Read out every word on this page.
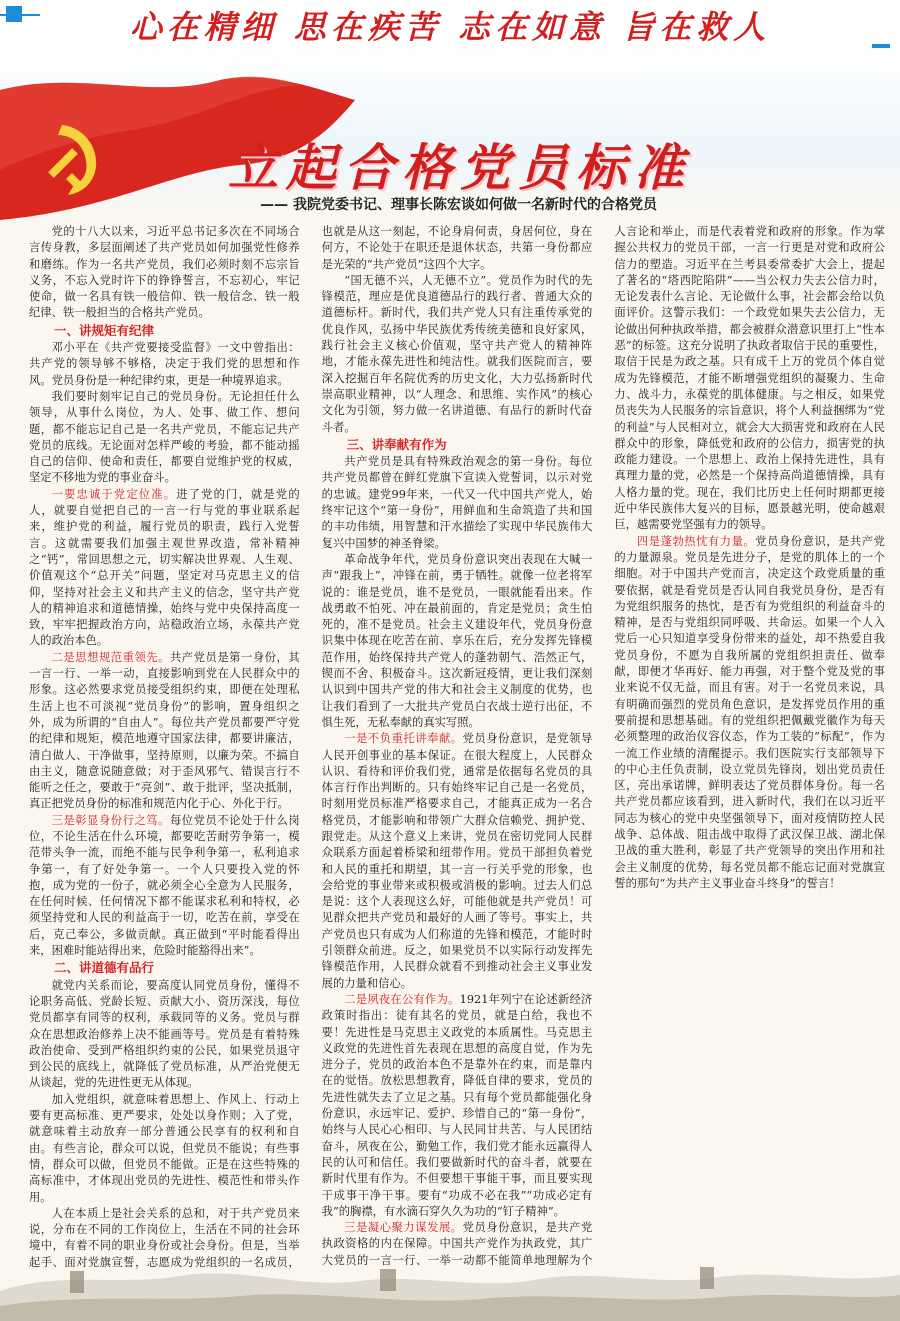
心在精细 思在疾苦 志在如意 旨在救人
立起合格党员标准
—— 我院党委书记、理事长陈宏谈如何做一名新时代的合格党员

党的十八大以来，习近平总书记多次在不同场合言传身教，多层面阐述了共产党员如何加强党性修养和磨练。作为一名共产党员，我们必须时刻不忘宗旨义务，不忘入党时许下的铮铮誓言，不忘初心，牢记使命，做一名具有铁一般信仰、铁一般信念、铁一般纪律、铁一般担当的合格共产党员。

一、讲规矩有纪律

邓小平在《共产党要接受监督》一文中曾指出：共产党的领导够不够格，决定于我们党的思想和作风。党员身份是一种纪律约束，更是一种境界追求。

我们要时刻牢记自己的党员身份。无论担任什么领导，从事什么岗位，为人、处事、做工作、想问题，都不能忘记自己是一名共产党员，不能忘记共产党员的底线。无论面对怎样严峻的考验，都不能动摇自己的信仰、使命和责任，都要自觉维护党的权威，坚定不移地为党的事业奋斗。

一要忠诚于党定位准。进了党的门，就是党的人，就要自觉把自己的一言一行与党的事业联系起来，维护党的利益，履行党员的职责，践行入党誓言。这就需要我们加强主观世界改造，常补精神之“钙”，常回思想之元，切实解决世界观、人生观、价值观这个“总开关”问题，坚定对马克思主义的信仰，坚持对社会主义和共产主义的信念，坚守共产党人的精神追求和道德情操，始终与党中央保持高度一致，牢牢把握政治方向，站稳政治立场，永葆共产党人的政治本色。

二是思想规范重领先。共产党员是第一身份，其一言一行、一举一动，直接影响到党在人民群众中的形象。这必然要求党员接受组织约束，即便在处理私生活上也不可淡视“党员身份”的影响，置身组织之外，成为所谓的“自由人”。每位共产党员都要严守党的纪律和规矩，模范地遵守国家法律，都要讲廉洁，清白做人、干净做事，坚持原则，以廉为荣。不搞自由主义，随意说随意做；对于歪风邪气、错误言行不能听之任之，要敢于“亮剑”、敢于批评，坚决抵制，真正把党员身份的标准和规范内化于心、外化于行。

三是彰显身份行之笃。每位党员不论处于什么岗位，不论生活在什么环境，都要吃苦耐劳争第一，模范带头争一流，而绝不能与民争利争第一，私利追求争第一，有了好处争第一。一个人只要投入党的怀抱，成为党的一份子，就必须全心全意为人民服务，在任何时候、任何情况下都不能谋求私利和特权，必须坚持党和人民的利益高于一切，吃苦在前，享受在后，克己奉公，多做贡献。真正做到“平时能看得出来，困难时能站得出来，危险时能豁得出来”。

二、讲道德有品行

就党内关系而论，要高度认同党员身份，懂得不论职务高低、党龄长短、贡献大小、资历深浅，每位党员都享有同等的权利，承载同等的义务。党员与群众在思想政治修养上决不能画等号。党员是有着特殊政治使命、受到严格组织约束的公民，如果党员退守到公民的底线上，就降低了党员标准，从严治党便无从谈起，党的先进性更无从体现。

加入党组织，就意味着思想上、作风上、行动上要有更高标准、更严要求，处处以身作则；入了党，就意味着主动放弃一部分普通公民享有的权利和自由。有些言论，群众可以说，但党员不能说；有些事情，群众可以做，但党员不能做。正是在这些特殊的高标准中，才体现出党员的先进性、模范性和带头作用。

人在本质上是社会关系的总和，对于共产党员来说，分布在不同的工作岗位上，生活在不同的社会环境中，有着不同的职业身份或社会身份。但是，当举起手、面对党旗宣誓，志愿成为党组织的一名成员，也就是从这一刻起，不论身肩何责，身居何位，身在何方，不论处于在职还是退休状态，共第一身份都应是光荣的“共产党员”这四个大字。

“国无德不兴，人无德不立”。党员作为时代的先锋模范，理应是优良道德品行的践行者、普通大众的道德标杆。新时代，我们共产党人只有注重传承党的优良作风，弘扬中华民族优秀传统美德和良好家风，践行社会主义核心价值观，坚守共产党人的精神阵地，才能永葆先进性和纯洁性。就我们医院而言，要深入挖掘百年名院优秀的历史文化，大力弘扬新时代崇高职业精神，以“人理念、和思维、实作风”的核心文化为引领，努力做一名讲道德、有品行的新时代奋斗者。

三、讲奉献有作为

共产党员是具有特殊政治观念的第一身份。每位共产党员都曾在鲜红党旗下宣读入党誓词，以示对党的忠诚。建党99年来，一代又一代中国共产党人，始终牢记这个“第一身份”，用鲜血和生命筑造了共和国的丰功伟绩，用智慧和汗水描绘了实现中华民族伟大复兴中国梦的神圣脊梁。

革命战争年代，党员身份意识突出表现在大喊一声“跟我上”，冲锋在前，勇于牺牲。就像一位老将军说的：谁是党员，谁不是党员，一眼就能看出来。作战勇敢不怕死、冲在最前面的，肯定是党员；贪生怕死的，准不是党员。社会主义建设年代，党员身份意识集中体现在吃苦在前、享乐在后，充分发挥先锋模范作用，始终保持共产党人的蓬勃朝气、浩然正气，锲而不舍、积极奋斗。这次新冠疫情，更让我们深刻认识到中国共产党的伟大和社会主义制度的优势，也让我们看到了一大批共产党员白衣战士逆行出征，不惧生死，无私奉献的真实写照。

一是不负重托讲奉献。党员身份意识，是党领导人民开创事业的基本保证。在很大程度上，人民群众认识、看待和评价我们党，通常是依据每名党员的具体言行作出判断的。只有始终牢记自己是一名党员，时刻用党员标准严格要求自己，才能真正成为一名合格党员，才能影响和带领广大群众信赖党、拥护党、跟党走。从这个意义上来讲，党员在密切党同人民群众联系方面起着桥梁和纽带作用。党员干部担负着党和人民的重托和期望，其一言一行关乎党的形象，也会给党的事业带来或积极或消极的影响。过去人们总是说：这个人表现这么好，可能他就是共产党员！可见群众把共产党员和最好的人画了等号。事实上，共产党员也只有成为人们称道的先锋和模范，才能时时引领群众前进。反之，如果党员不以实际行动发挥先锋模范作用，人民群众就看不到推动社会主义事业发展的力量和信心。

二是夙夜在公有作为。1921年列宁在论述新经济政策时指出：徒有其名的党员，就是白给，我也不要！先进性是马克思主义政党的本质属性。马克思主义政党的先进性首先表现在思想的高度自觉，作为先进分子，党员的政治本色不是靠外在约束，而是靠内在的觉悟。放松思想教育，降低自律的要求，党员的先进性就失去了立足之基。只有每个党员都能强化身份意识，永远牢记、爱护、珍惜自己的“第一身份”，始终与人民心心相印、与人民同甘共苦、与人民团结奋斗，夙夜在公，勤勉工作，我们党才能永远赢得人民的认可和信任。我们要做新时代的奋斗者，就要在新时代里有作为。不但要想干事能干事，而且要实现干成事干净干事。要有“功成不必在我”“功成必定有我”的胸襟，有水滴石穿久久为功的“钉子精神”。

三是凝心聚力谋发展。党员身份意识，是共产党执政资格的内在保障。中国共产党作为执政党，其广大党员的一言一行、一举一动都不能简单地理解为个人言论和举止，而是代表着党和政府的形象。作为掌握公共权力的党员干部，一言一行更是对党和政府公信力的塑造。习近平在兰考县委常委扩大会上，提起了著名的“塔西陀陷阱”——当公权力失去公信力时，无论发表什么言论、无论做什么事，社会都会给以负面评价。这警示我们：一个政党如果失去公信力，无论做出何种执政举措，都会被群众潜意识里打上“性本恶”的标签。这充分说明了执政者取信于民的重要性，取信于民是为政之基。只有成千上万的党员个体自觉成为先锋模范，才能不断增强党组织的凝聚力、生命力、战斗力，永葆党的肌体健康。与之相反，如果党员丧失为人民服务的宗旨意识，将个人利益捆绑为“党的利益”与人民相对立，就会大大损害党和政府在人民群众中的形象，降低党和政府的公信力，损害党的执政能力建设。一个思想上、政治上保持先进性，具有真理力量的党，必然是一个保持高尚道德情操，具有人格力量的党。现在，我们比历史上任何时期都更接近中华民族伟大复兴的目标，愿景越光明，使命越艰巨，越需要党坚强有力的领导。

四是蓬勃热忱有力量。党员身份意识，是共产党的力量源泉。党员是先进分子，是党的肌体上的一个细胞。对于中国共产党而言，决定这个政党质量的重要依据，就是看党员是否认同自我党员身份，是否有为党组织服务的热忱，是否有为党组织的利益奋斗的精神，是否与党组织同呼吸、共命运。如果一个人入党后一心只知道享受身份带来的益处，却不热爱自我党员身份，不愿为自我所属的党组织担责任、做奉献，即便才华再好、能力再强，对于整个党及党的事业来说不仅无益，而且有害。对于一名党员来说，具有明确而强烈的党员角色意识，是发挥党员作用的重要前提和思想基础。有的党组织把佩戴党徽作为每天必须整理的政治仪容仪态，作为工装的“标配”，作为一流工作业绩的清醒提示。我们医院实行支部领导下的中心主任负责制，设立党员先锋岗，划出党员责任区，亮出承诺牌，鲜明表达了党员群体身份。每一名共产党员都应该看到，进入新时代，我们在以习近平同志为核心的党中央坚强领导下，面对疫情防控人民战争、总体战、阻击战中取得了武汉保卫战、湖北保卫战的重大胜利，彰显了共产党领导的突出作用和社会主义制度的优势，每名党员都不能忘记面对党旗宣誓的那句“为共产主义事业奋斗终身”的誓言！
